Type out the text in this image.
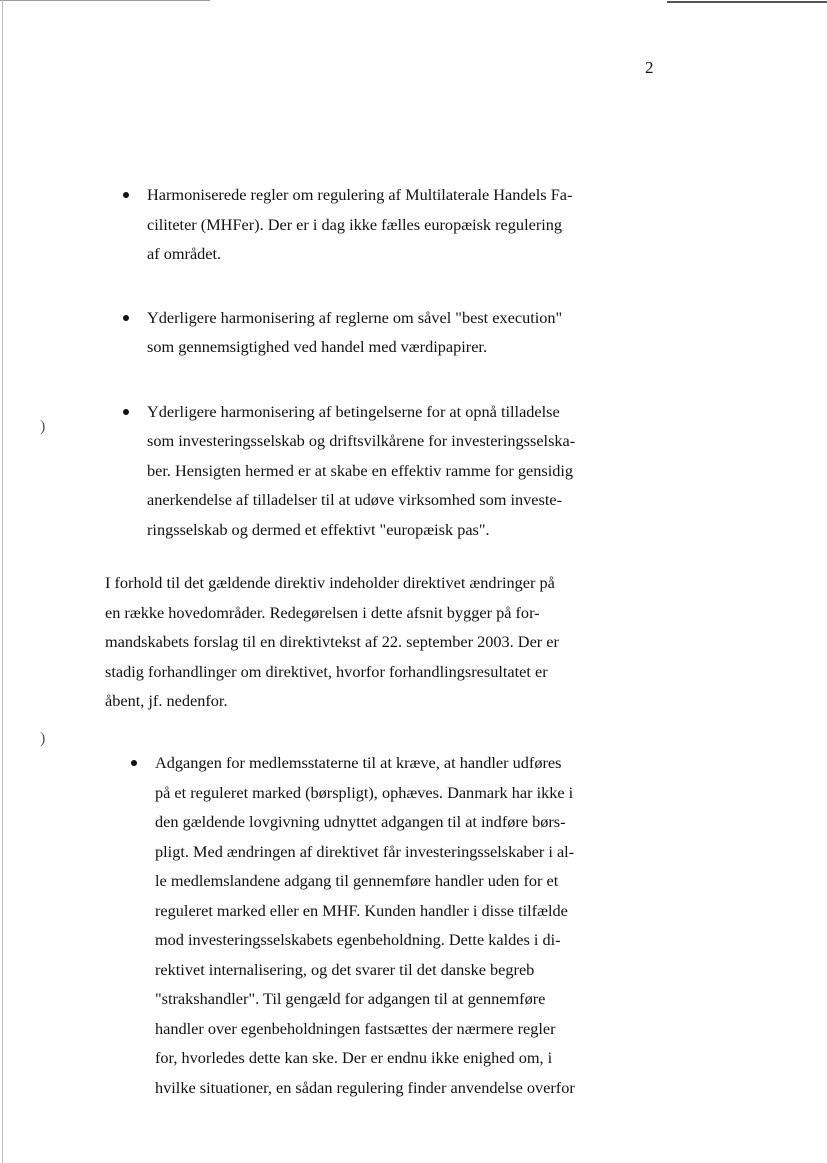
)
)
2
Harmoniserede regler om regulering af Multilaterale Handels Fa-
ciliteter (MHFer). Der er i dag ikke fælles europæisk regulering
af området.
Yderligere harmonisering af reglerne om såvel "best execution"
som gennemsigtighed ved handel med værdipapirer.
Yderligere harmonisering af betingelserne for at opnå tilladelse
som investeringsselskab og driftsvilkårene for investeringsselska-
ber. Hensigten hermed er at skabe en effektiv ramme for gensidig
anerkendelse af tilladelser til at udøve virksomhed som investe-
ringsselskab og dermed et effektivt "europæisk pas".
I forhold til det gældende direktiv indeholder direktivet ændringer på
en række hovedområder. Redegørelsen i dette afsnit bygger på for-
mandskabets forslag til en direktivtekst af 22. september 2003. Der er
stadig forhandlinger om direktivet, hvorfor forhandlingsresultatet er
åbent, jf. nedenfor.
Adgangen for medlemsstaterne til at kræve, at handler udføres
på et reguleret marked (børspligt), ophæves. Danmark har ikke i
den gældende lovgivning udnyttet adgangen til at indføre børs-
pligt. Med ændringen af direktivet får investeringsselskaber i al-
le medlemslandene adgang til gennemføre handler uden for et
reguleret marked eller en MHF. Kunden handler i disse tilfælde
mod investeringsselskabets egenbeholdning. Dette kaldes i di-
rektivet internalisering, og det svarer til det danske begreb
"strakshandler". Til gengæld for adgangen til at gennemføre
handler over egenbeholdningen fastsættes der nærmere regler
for, hvorledes dette kan ske. Der er endnu ikke enighed om, i
hvilke situationer, en sådan regulering finder anvendelse overfor
